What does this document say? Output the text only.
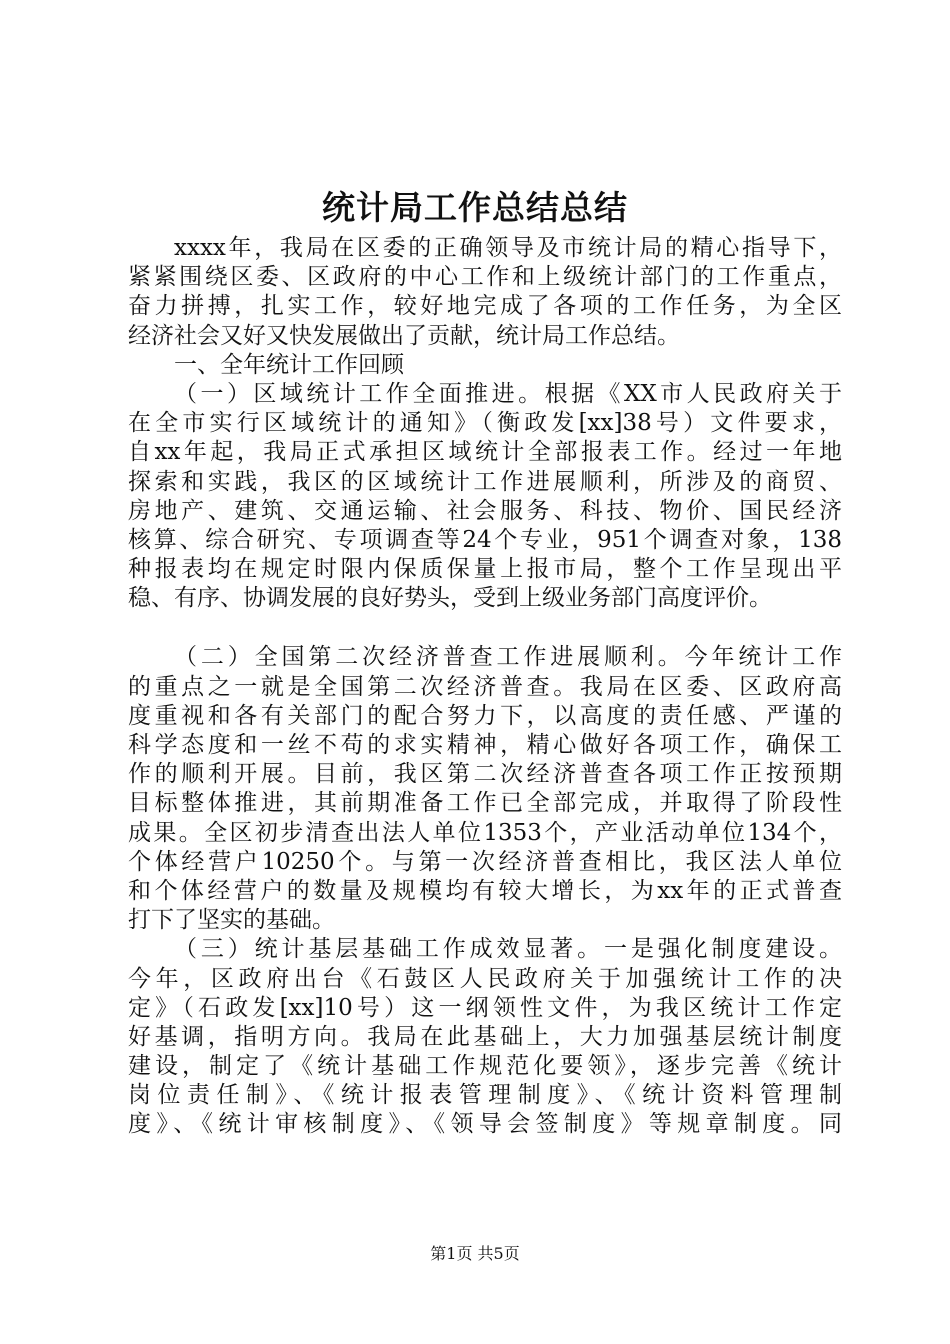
统计局工作总结总结
xxxx年，我局在区委的正确领导及市统计局的精心指导下，
紧紧围绕区委、区政府的中心工作和上级统计部门的工作重点，
奋力拼搏，扎实工作，较好地完成了各项的工作任务，为全区
经济社会又好又快发展做出了贡献，统计局工作总结。
一、全年统计工作回顾
（一）区域统计工作全面推进。根据《XX市人民政府关于
在全市实行区域统计的通知》（衡政发[xx]38号）文件要求，
自xx年起，我局正式承担区域统计全部报表工作。经过一年地
探索和实践，我区的区域统计工作进展顺利，所涉及的商贸、
房地产、建筑、交通运输、社会服务、科技、物价、国民经济
核算、综合研究、专项调查等24个专业，951个调查对象，138
种报表均在规定时限内保质保量上报市局，整个工作呈现出平
稳、有序、协调发展的良好势头，受到上级业务部门高度评价。
（二）全国第二次经济普查工作进展顺利。今年统计工作
的重点之一就是全国第二次经济普查。我局在区委、区政府高
度重视和各有关部门的配合努力下，以高度的责任感、严谨的
科学态度和一丝不苟的求实精神，精心做好各项工作，确保工
作的顺利开展。目前，我区第二次经济普查各项工作正按预期
目标整体推进，其前期准备工作已全部完成，并取得了阶段性
成果。全区初步清查出法人单位1353个，产业活动单位134个，
个体经营户10250个。与第一次经济普查相比，我区法人单位
和个体经营户的数量及规模均有较大增长，为xx年的正式普查
打下了坚实的基础。
（三）统计基层基础工作成效显著。一是强化制度建设。
今年，区政府出台《石鼓区人民政府关于加强统计工作的决
定》（石政发[xx]10号）这一纲领性文件，为我区统计工作定
好基调，指明方向。我局在此基础上，大力加强基层统计制度
建设，制定了《统计基础工作规范化要领》，逐步完善《统计
岗位责任制》、《统计报表管理制度》、《统计资料管理制
度》、《统计审核制度》、《领导会签制度》等规章制度。同
第1页 共5页
